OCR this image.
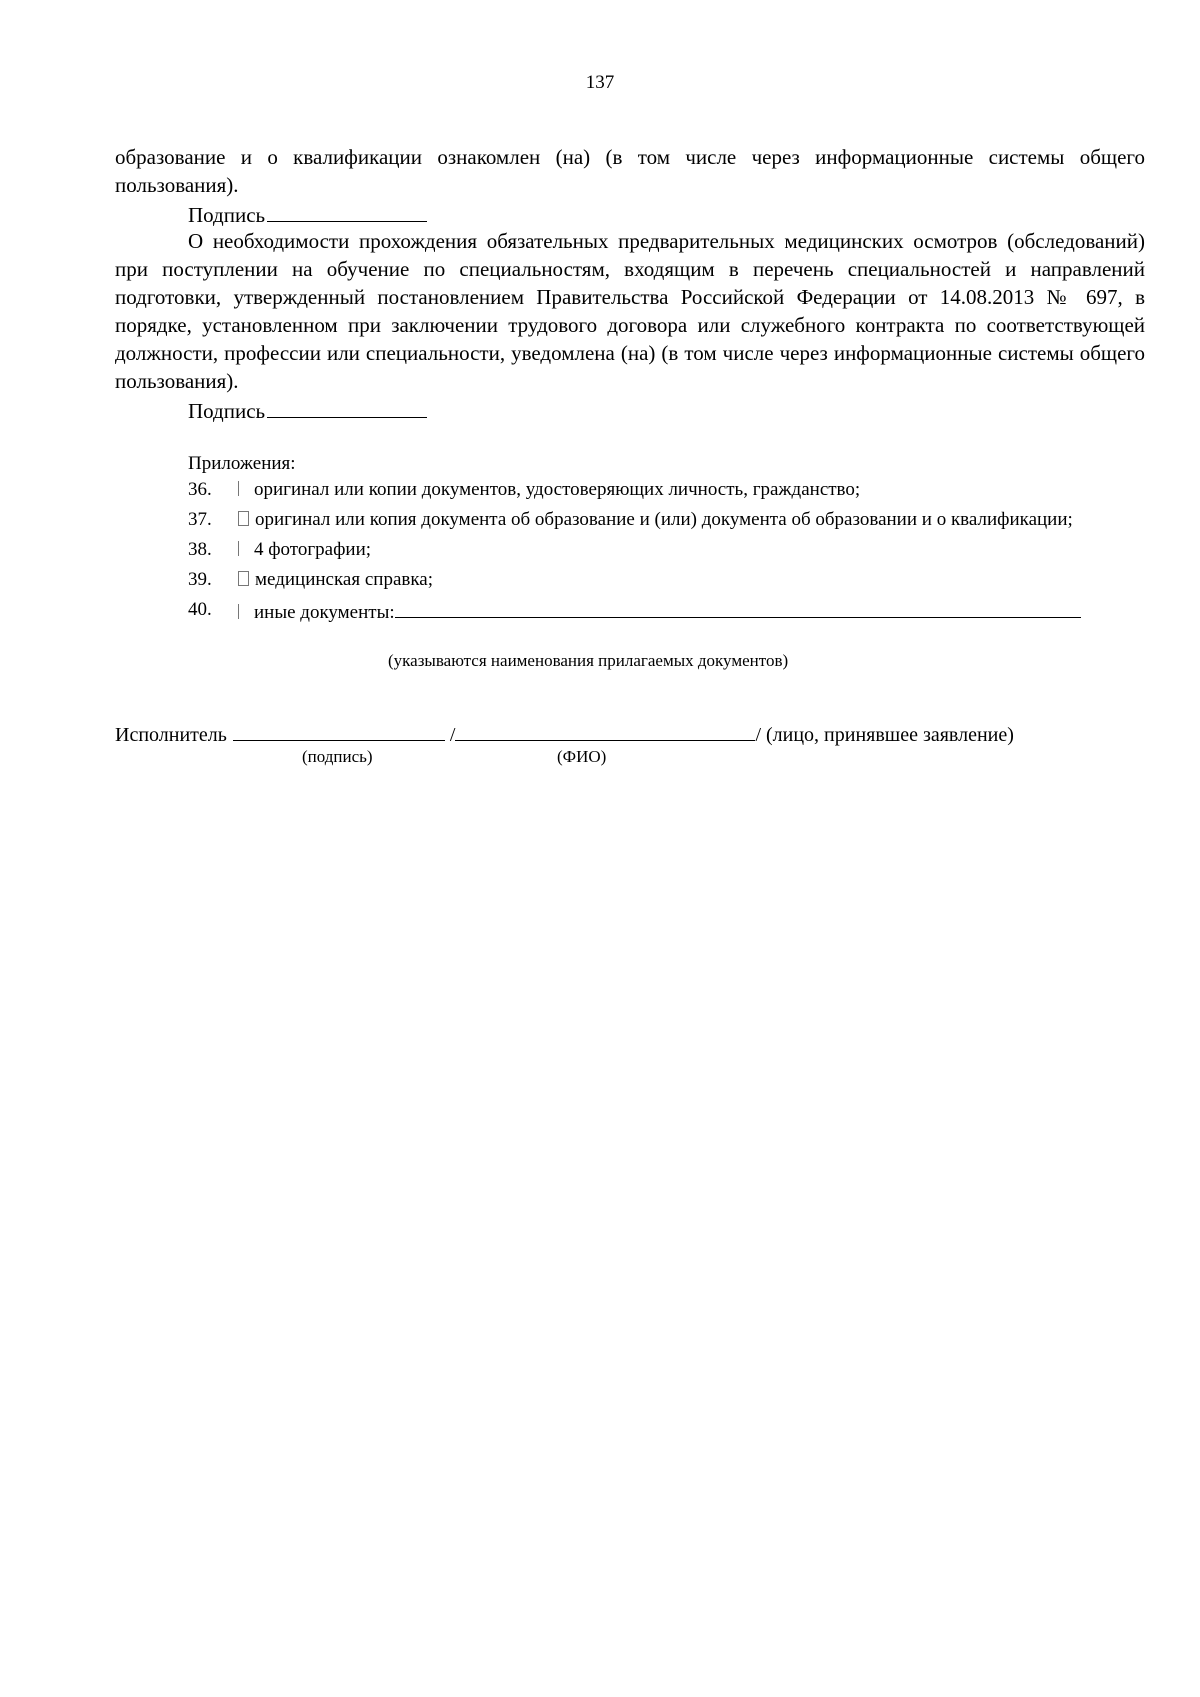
137
образование и о квалификации ознакомлен (на) (в том числе через информационные системы общего пользования).
Подпись
О необходимости прохождения обязательных предварительных медицинских осмотров (обследований) при поступлении на обучение по специальностям, входящим в перечень специальностей и направлений подготовки, утвержденный постановлением Правительства Российской Федерации от 14.08.2013 № 697, в порядке, установленном при заключении трудового договора или служебного контракта по соответствующей должности, профессии или специальности, уведомлена (на) (в том числе через информационные системы общего пользования).
Подпись
Приложения:
36.	оригинал или копии документов, удостоверяющих личность, гражданство;
37.	оригинал или копия документа об образование и (или) документа об образовании и о квалификации;
38.	4 фотографии;
39.	медицинская справка;
40.	иные документы:
(указываются наименования прилагаемых документов)
Исполнитель	/	/ (лицо, принявшее заявление)
(подпись)	(ФИО)
